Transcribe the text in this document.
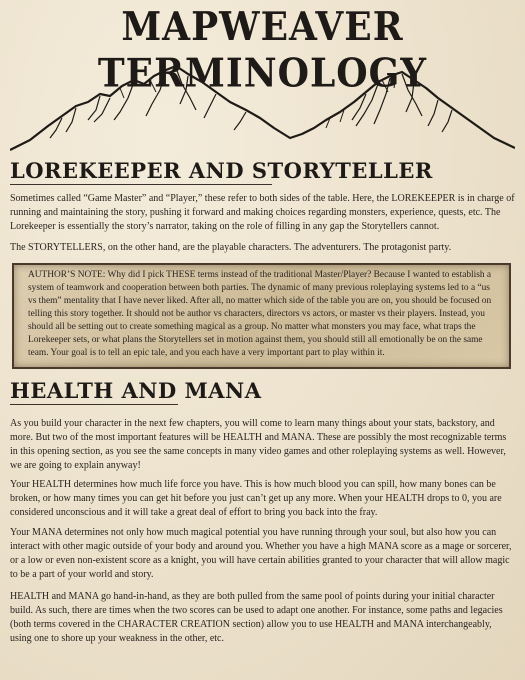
MAPWEAVER TERMINOLOGY
LOREKEEPER AND STORYTELLER

Sometimes called “Game Master” and “Player,” these refer to both sides of the table. Here, the LOREKEEPER is in charge of running and maintaining the story, pushing it forward and making choices regarding monsters, experience, quests, etc. The Lorekeeper is essentially the story’s narrator, taking on the role of filling in any gap the Storytellers cannot.

The STORYTELLERS, on the other hand, are the playable characters. The adventurers. The protagonist party.

AUTHOR’S NOTE: Why did I pick THESE terms instead of the traditional Master/Player? Because I wanted to establish a system of teamwork and cooperation between both parties. The dynamic of many previous roleplaying systems led to a “us vs them” mentality that I have never liked. After all, no matter which side of the table you are on, you should be focused on telling this story together. It should not be author vs characters, directors vs actors, or master vs their players. Instead, you should all be setting out to create something magical as a group. No matter what monsters you may face, what traps the Lorekeeper sets, or what plans the Storytellers set in motion against them, you should still all emotionally be on the same team. Your goal is to tell an epic tale, and you each have a very important part to play within it.

HEALTH AND MANA

As you build your character in the next few chapters, you will come to learn many things about your stats, backstory, and more. But two of the most important features will be HEALTH and MANA. These are possibly the most recognizable terms in this opening section, as you see the same concepts in many video games and other roleplaying systems as well. However, we are going to explain anyway!

Your HEALTH determines how much life force you have. This is how much blood you can spill, how many bones can be broken, or how many times you can get hit before you just can’t get up any more. When your HEALTH drops to 0, you are considered unconscious and it will take a great deal of effort to bring you back into the fray.

Your MANA determines not only how much magical potential you have running through your soul, but also how you can interact with other magic outside of your body and around you. Whether you have a high MANA score as a mage or sorcerer, or a low or even non-existent score as a knight, you will have certain abilities granted to your character that will allow magic to be a part of your world and story.

HEALTH and MANA go hand-in-hand, as they are both pulled from the same pool of points during your initial character build. As such, there are times when the two scores can be used to adapt one another. For instance, some paths and legacies (both terms covered in the CHARACTER CREATION section) allow you to use HEALTH and MANA interchangeably, using one to shore up your weakness in the other, etc.
